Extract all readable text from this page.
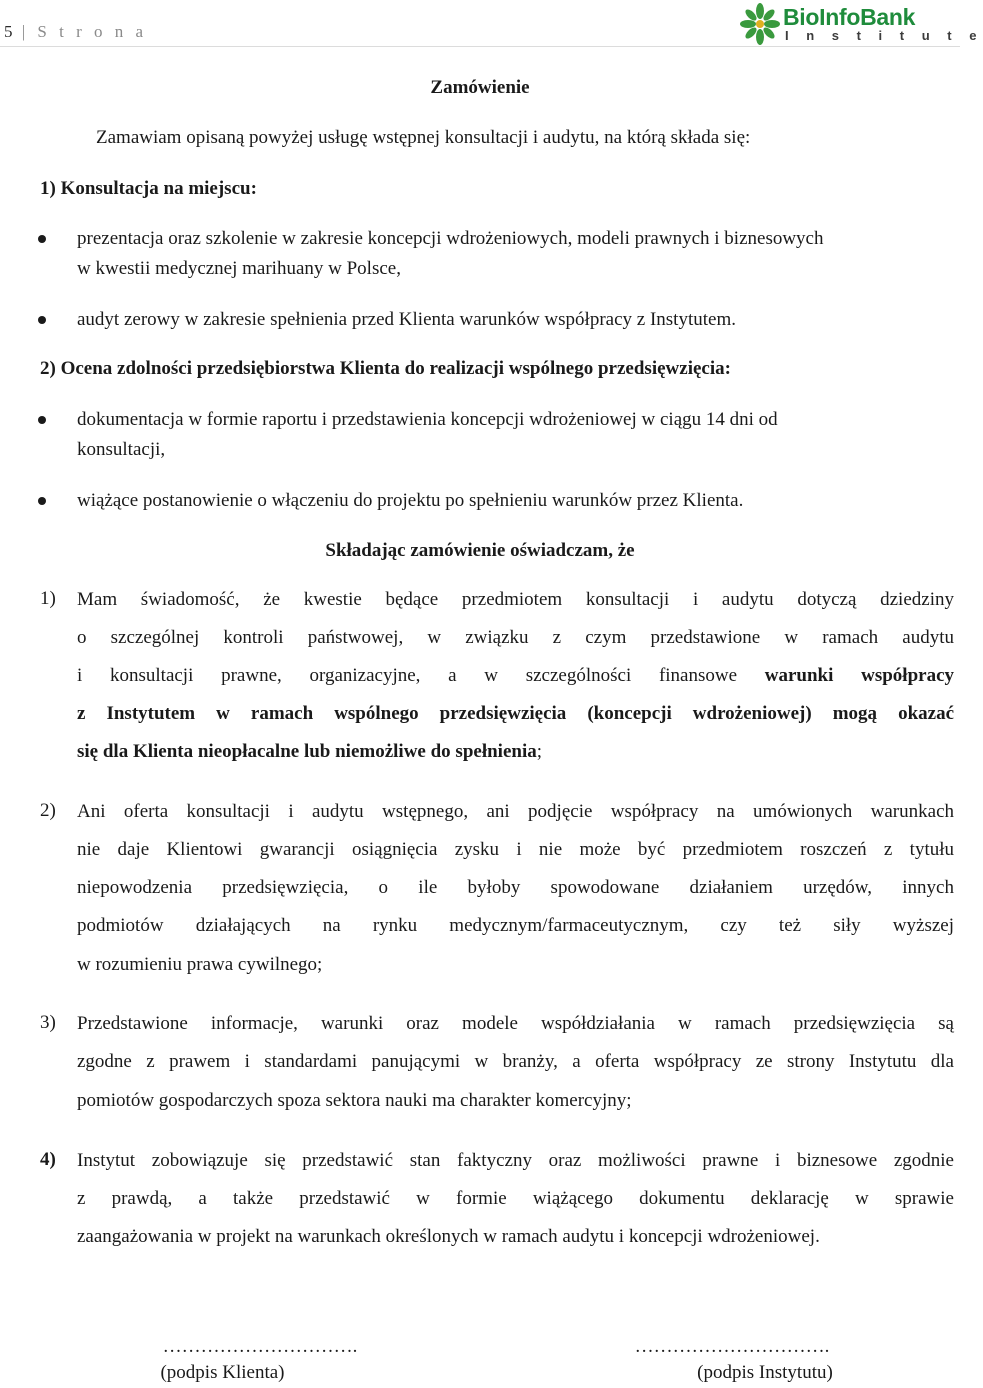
5 | S t r o n a
BioInfoBank
I n s t i t u t e
Zamówienie
Zamawiam opisaną powyżej usługę wstępnej konsultacji i audytu, na którą składa się:
1) Konsultacja na miejscu:
prezentacja oraz szkolenie w zakresie koncepcji wdrożeniowych, modeli prawnych i biznesowych
w kwestii medycznej marihuany w Polsce,
audyt zerowy w zakresie spełnienia przed Klienta warunków współpracy z Instytutem.
2) Ocena zdolności przedsiębiorstwa Klienta do realizacji wspólnego przedsięwzięcia:
dokumentacja w formie raportu i przedstawienia koncepcji wdrożeniowej w ciągu 14 dni od
konsultacji,
wiążące postanowienie o włączeniu do projektu po spełnieniu warunków przez Klienta.
Składając zamówienie oświadczam, że
1) Mam świadomość, że kwestie będące przedmiotem konsultacji i audytu dotyczą dziedziny
o szczególnej kontroli państwowej, w związku z czym przedstawione w ramach audytu
i konsultacji prawne, organizacyjne, a w szczególności finansowe warunki współpracy
z Instytutem w ramach wspólnego przedsięwzięcia (koncepcji wdrożeniowej) mogą okazać
się dla Klienta nieopłacalne lub niemożliwe do spełnienia;
2) Ani oferta konsultacji i audytu wstępnego, ani podjęcie współpracy na umówionych warunkach
nie daje Klientowi gwarancji osiągnięcia zysku i nie może być przedmiotem roszczeń z tytułu
niepowodzenia przedsięwzięcia, o ile byłoby spowodowane działaniem urzędów, innych
podmiotów działających na rynku medycznym/farmaceutycznym, czy też siły wyższej
w rozumieniu prawa cywilnego;
3) Przedstawione informacje, warunki oraz modele współdziałania w ramach przedsięwzięcia są
zgodne z prawem i standardami panującymi w branży, a oferta współpracy ze strony Instytutu dla
pomiotów gospodarczych spoza sektora nauki ma charakter komercyjny;
4) Instytut zobowiązuje się przedstawić stan faktyczny oraz możliwości prawne i biznesowe zgodnie
z prawdą, a także przedstawić w formie wiążącego dokumentu deklarację w sprawie
zaangażowania w projekt na warunkach określonych w ramach audytu i koncepcji wdrożeniowej.
………………………….
(podpis Klienta)
………………………….
(podpis Instytutu)
